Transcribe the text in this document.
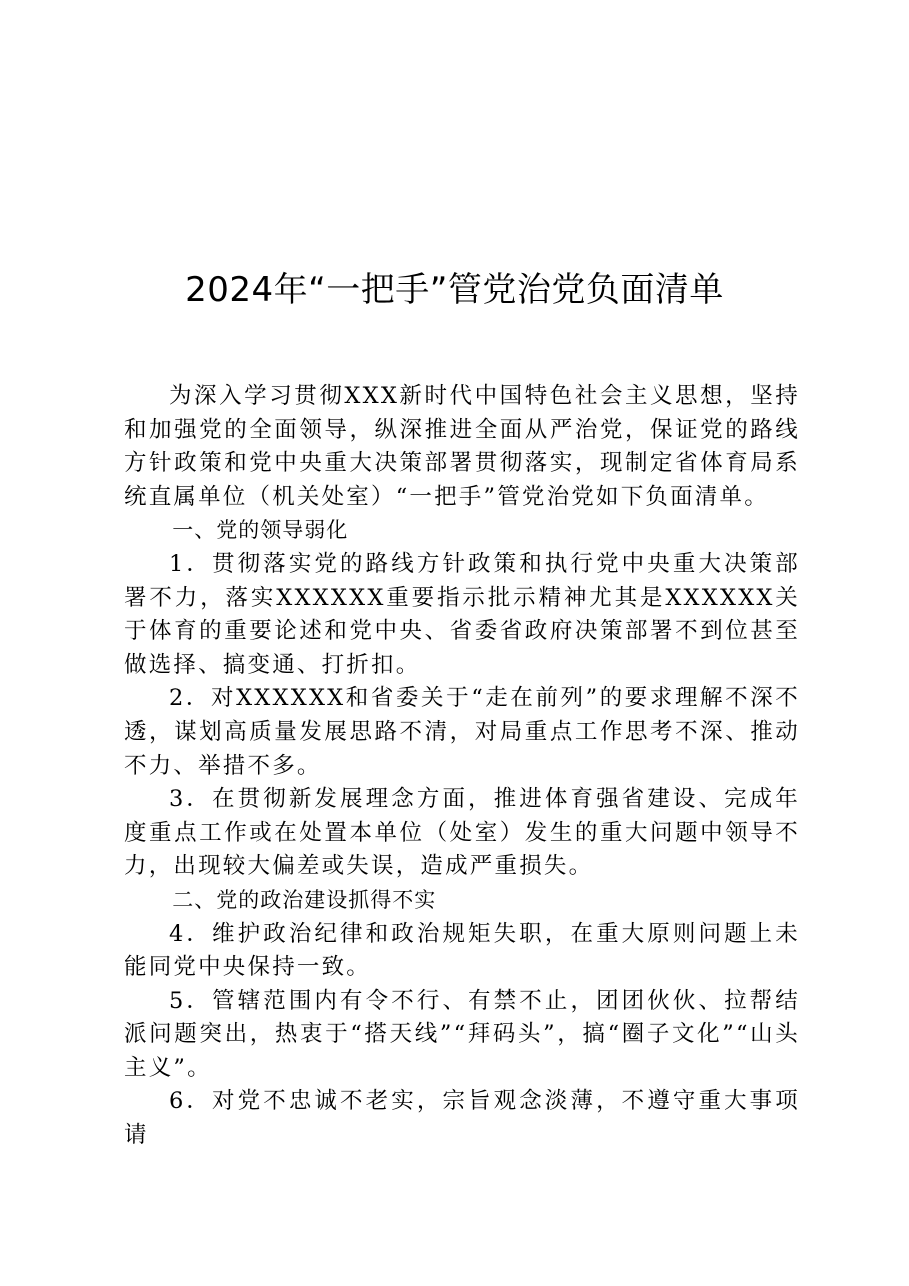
2024年“一把手”管党治党负面清单

为深入学习贯彻XXX新时代中国特色社会主义思想，坚持和加强党的全面领导，纵深推进全面从严治党，保证党的路线方针政策和党中央重大决策部署贯彻落实，现制定省体育局系统直属单位（机关处室）“一把手”管党治党如下负面清单。

一、党的领导弱化

1．贯彻落实党的路线方针政策和执行党中央重大决策部署不力，落实XXXXXX重要指示批示精神尤其是XXXXXX关于体育的重要论述和党中央、省委省政府决策部署不到位甚至做选择、搞变通、打折扣。

2．对XXXXXX和省委关于“走在前列”的要求理解不深不透，谋划高质量发展思路不清，对局重点工作思考不深、推动不力、举措不多。

3．在贯彻新发展理念方面，推进体育强省建设、完成年度重点工作或在处置本单位（处室）发生的重大问题中领导不力，出现较大偏差或失误，造成严重损失。

二、党的政治建设抓得不实

4．维护政治纪律和政治规矩失职，在重大原则问题上未能同党中央保持一致。

5．管辖范围内有令不行、有禁不止，团团伙伙、拉帮结派问题突出，热衷于“搭天线”“拜码头”，搞“圈子文化”“山头主义”。

6．对党不忠诚不老实，宗旨观念淡薄，不遵守重大事项请
